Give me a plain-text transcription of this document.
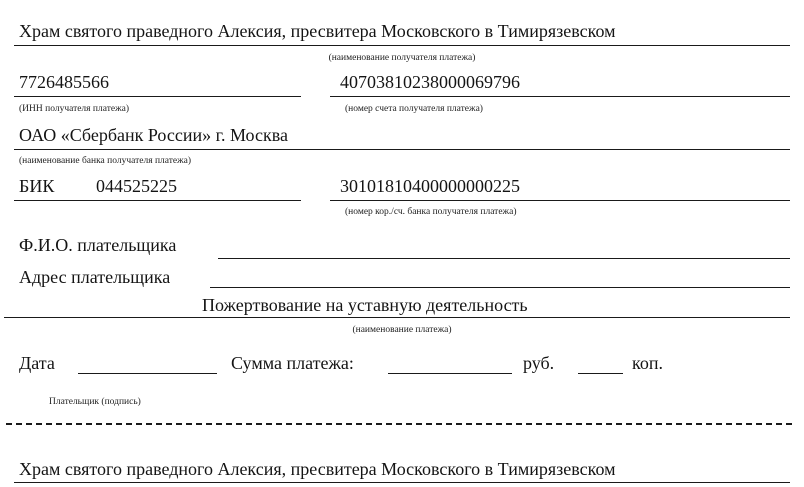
Храм святого праведного Алексия, пресвитера Московского в Тимирязевском
(наименование получателя платежа)
7726485566
(ИНН получателя платежа)
40703810238000069796
(номер счета получателя платежа)
ОАО «Сбербанк России» г. Москва
(наименование банка получателя платежа)
БИК 044525225	30101810400000000225
(номер кор./сч. банка получателя платежа)
Ф.И.О. плательщика
Адрес плательщика
Пожертвование на уставную деятельность
(наименование платежа)
Дата	Сумма платежа:	руб.	коп.
Плательщик (подпись)
Храм святого праведного Алексия, пресвитера Московского в Тимирязевском
